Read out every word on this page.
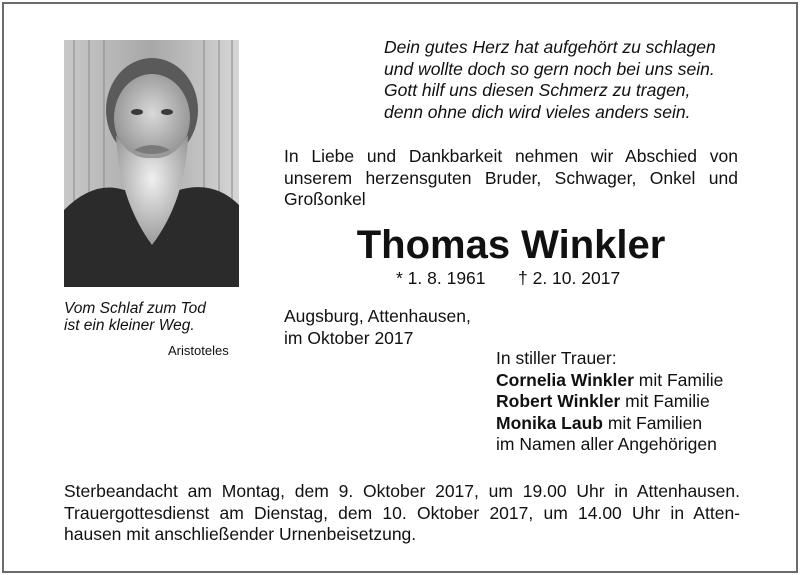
Vom Schlaf zum Tod
ist ein kleiner Weg.
Aristoteles
Dein gutes Herz hat aufgehört zu schlagen
und wollte doch so gern noch bei uns sein.
Gott hilf uns diesen Schmerz zu tragen,
denn ohne dich wird vieles anders sein.
In Liebe und Dankbarkeit nehmen wir Abschied von unserem herzensguten Bruder, Schwager, Onkel und Großonkel
Thomas Winkler
* 1. 8. 1961 † 2. 10. 2017
Augsburg, Attenhausen,
im Oktober 2017
In stiller Trauer:
Cornelia Winkler mit Familie
Robert Winkler mit Familie
Monika Laub mit Familien
im Namen aller Angehörigen
Sterbeandacht am Montag, dem 9. Oktober 2017, um 19.00 Uhr in Attenhausen.
Trauergottesdienst am Dienstag, dem 10. Oktober 2017, um 14.00 Uhr in Atten-
hausen mit anschließender Urnenbeisetzung.
